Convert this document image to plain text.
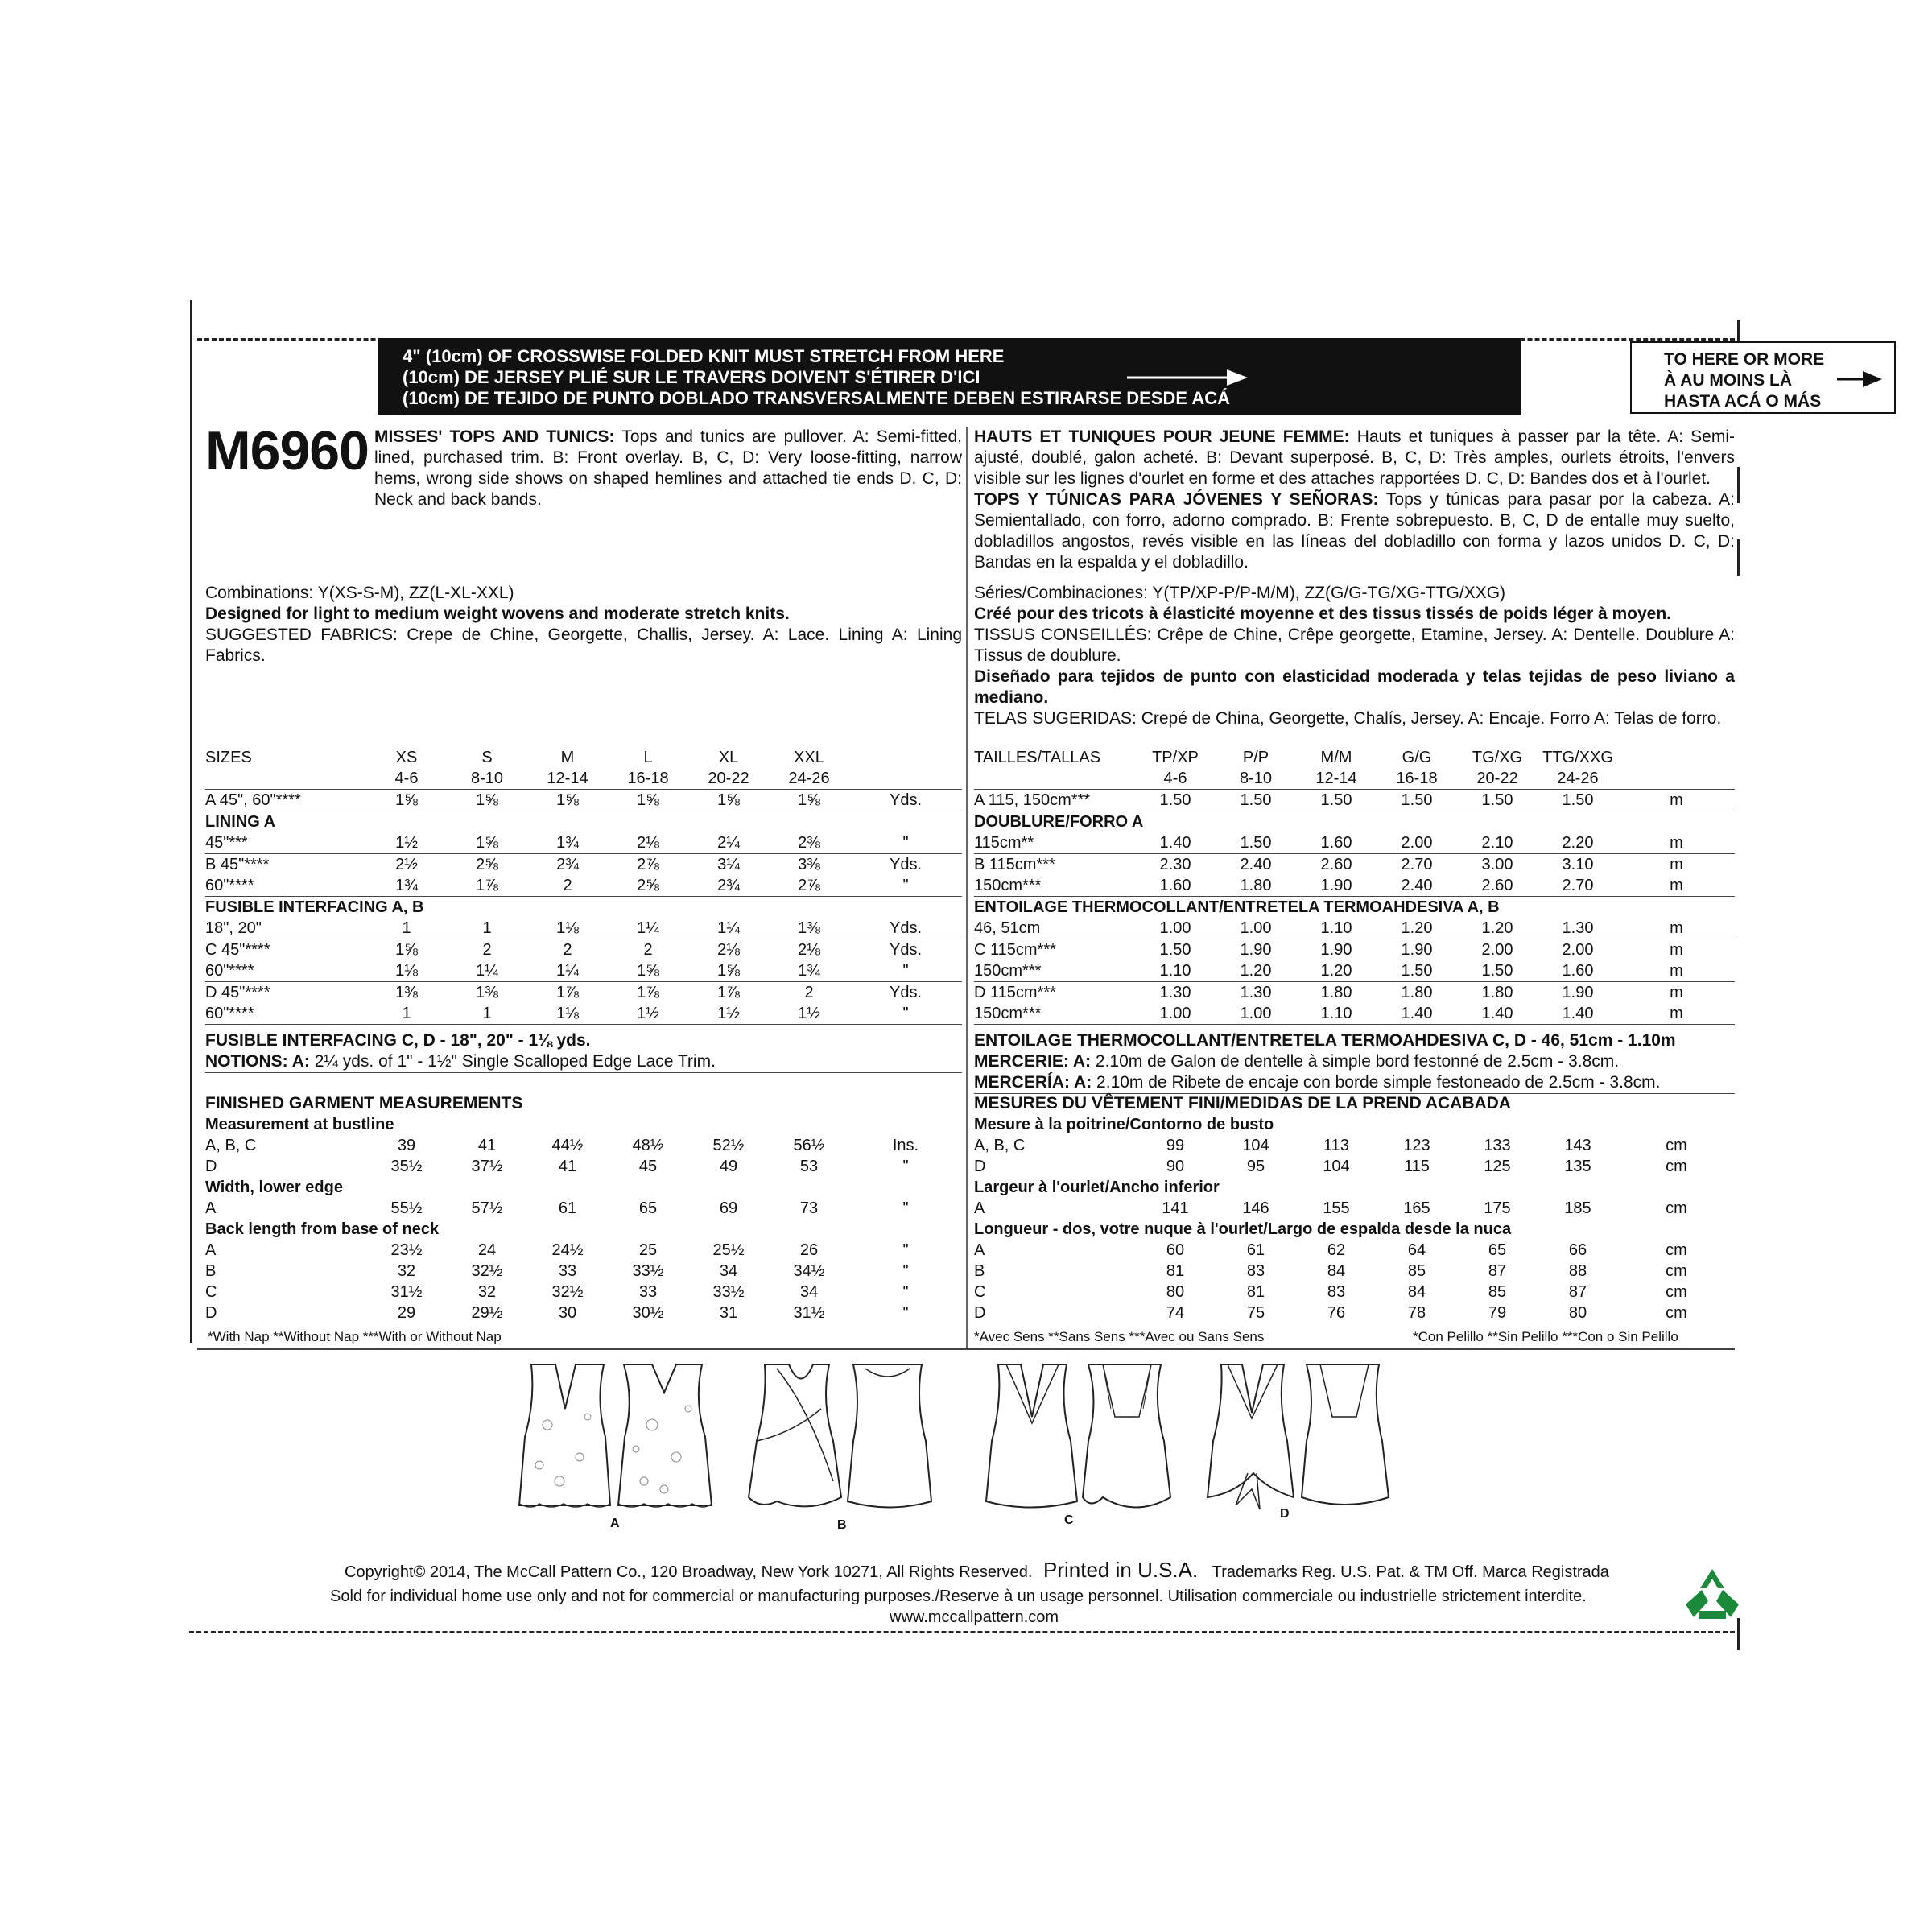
4" (10cm) OF CROSSWISE FOLDED KNIT MUST STRETCH FROM HERE
(10cm) DE JERSEY PLIÉ SUR LE TRAVERS DOIVENT S'ÉTIRER D'ICI
(10cm) DE TEJIDO DE PUNTO DOBLADO TRANSVERSALMENTE DEBEN ESTIRARSE DESDE ACÁ
TO HERE OR MORE
À AU MOINS LÀ
HASTA ACÁ O MÁS
M6960 MISSES' TOPS AND TUNICS: Tops and tunics are pullover. A: Semi-fitted, lined, purchased trim. B: Front overlay. B, C, D: Very loose-fitting, narrow hems, wrong side shows on shaped hemlines and attached tie ends D. C, D: Neck and back bands.
HAUTS ET TUNIQUES POUR JEUNE FEMME: Hauts et tuniques à passer par la tête. A: Semi-ajusté, doublé, galon acheté. B: Devant superposé. B, C, D: Très amples, ourlets étroits, l'envers visible sur les lignes d'ourlet en forme et des attaches rapportées D. C, D: Bandes dos et à l'ourlet.
TOPS Y TÚNICAS PARA JÓVENES Y SEÑORAS: Tops y túnicas para pasar por la cabeza. A: Semientallado, con forro, adorno comprado. B: Frente sobrepuesto. B, C, D de entalle muy suelto, dobladillos angostos, revés visible en las líneas del dobladillo con forma y lazos unidos D. C, D: Bandas en la espalda y el dobladillo.
Combinations: Y(XS-S-M), ZZ(L-XL-XXL)
Designed for light to medium weight wovens and moderate stretch knits.
SUGGESTED FABRICS: Crepe de Chine, Georgette, Challis, Jersey. A: Lace. Lining A: Lining Fabrics.
Séries/Combinaciones: Y(TP/XP-P/P-M/M), ZZ(G/G-TG/XG-TTG/XXG)
Créé pour des tricots à élasticité moyenne et des tissus tissés de poids léger à moyen.
TISSUS CONSEILLÉS: Crêpe de Chine, Crêpe georgette, Etamine, Jersey. A: Dentelle. Doublure A: Tissus de doublure.
Diseñado para tejidos de punto con elasticidad moderada y telas tejidas de peso liviano a mediano.
TELAS SUGERIDAS: Crepé de China, Georgette, Chalís, Jersey. A: Encaje. Forro A: Telas de forro.
SIZES	XS	S	M	L	XL	XXL	
	4-6	8-10	12-14	16-18	20-22	24-26	
A 45", 60"****	1⅝	1⅝	1⅝	1⅝	1⅝	1⅝	Yds.

LINING A							

45"***	1½	1⅝	1¾	2⅛	2¼	2⅜	"
B 45"****	2½	2⅝	2¾	2⅞	3¼	3⅜	Yds.
60"****	1¾	1⅞	2	2⅝	2¾	2⅞	"

FUSIBLE INTERFACING A, B							

18", 20"	1	1	1⅛	1¼	1¼	1⅜	Yds.
C 45"****	1⅝	2	2	2	2⅛	2⅛	Yds.
60"****	1⅛	1¼	1¼	1⅝	1⅝	1¾	"
D 45"****	1⅜	1⅜	1⅞	1⅞	1⅞	2	Yds.
60"****	1	1	1⅛	1½	1½	1½	"
TAILLES/TALLAS	TP/XP	P/P	M/M	G/G	TG/XG	TTG/XXG	
	4-6	8-10	12-14	16-18	20-22	24-26	
A 115, 150cm***	1.50	1.50	1.50	1.50	1.50	1.50	m

DOUBLURE/FORRO A							

115cm**	1.40	1.50	1.60	2.00	2.10	2.20	m
B 115cm***	2.30	2.40	2.60	2.70	3.00	3.10	m
150cm***	1.60	1.80	1.90	2.40	2.60	2.70	m

ENTOILAGE THERMOCOLLANT/ENTRETELA TERMOAHDESIVA A, B							

46, 51cm	1.00	1.00	1.10	1.20	1.20	1.30	m
C 115cm***	1.50	1.90	1.90	1.90	2.00	2.00	m
150cm***	1.10	1.20	1.20	1.50	1.50	1.60	m
D 115cm***	1.30	1.30	1.80	1.80	1.80	1.90	m
150cm***	1.00	1.00	1.10	1.40	1.40	1.40	m
Measurement at bustline							

A, B, C	39	41	44½	48½	52½	56½	Ins.
D	35½	37½	41	45	49	53	"

Width, lower edge							

A	55½	57½	61	65	69	73	"

Back length from base of neck							

A	23½	24	24½	25	25½	26	"
B	32	32½	33	33½	34	34½	"
C	31½	32	32½	33	33½	34	"
D	29	29½	30	30½	31	31½	"
Mesure à la poitrine/Contorno de busto							

A, B, C	99	104	113	123	133	143	cm
D	90	95	104	115	125	135	cm

Largeur à l'ourlet/Ancho inferior							

A	141	146	155	165	175	185	cm

Longueur - dos, votre nuque à l'ourlet/Largo de espalda desde la nuca							

A	60	61	62	64	65	66	cm
B	81	83	84	85	87	88	cm
C	80	81	83	84	85	87	cm
D	74	75	76	78	79	80	cm
FUSIBLE INTERFACING C, D - 18", 20" - 1⅛ yds.
NOTIONS: A: 2¼ yds. of 1" - 1½" Single Scalloped Edge Lace Trim.
ENTOILAGE THERMOCOLLANT/ENTRETELA TERMOAHDESIVA C, D - 46, 51cm - 1.10m
MERCERIE: A: 2.10m de Galon de dentelle à simple bord festonné de 2.5cm - 3.8cm.
MERCERÍA: A: 2.10m de Ribete de encaje con borde simple festoneado de 2.5cm - 3.8cm.
FINISHED GARMENT MEASUREMENTS	MESURES DU VÊTEMENT FINI/MEDIDAS DE LA PREND ACABADA
*With Nap **Without Nap ***With or Without Nap	*Avec Sens **Sans Sens ***Avec ou Sans Sens	*Con Pelillo **Sin Pelillo ***Con o Sin Pelillo
A	B	C	D
Copyright© 2014, The McCall Pattern Co., 120 Broadway, New York 10271, All Rights Reserved. Printed in U.S.A. Trademarks Reg. U.S. Pat. & TM Off. Marca Registrada
Sold for individual home use only and not for commercial or manufacturing purposes./Reserve à un usage personnel. Utilisation commerciale ou industrielle strictement interdite.
www.mccallpattern.com
